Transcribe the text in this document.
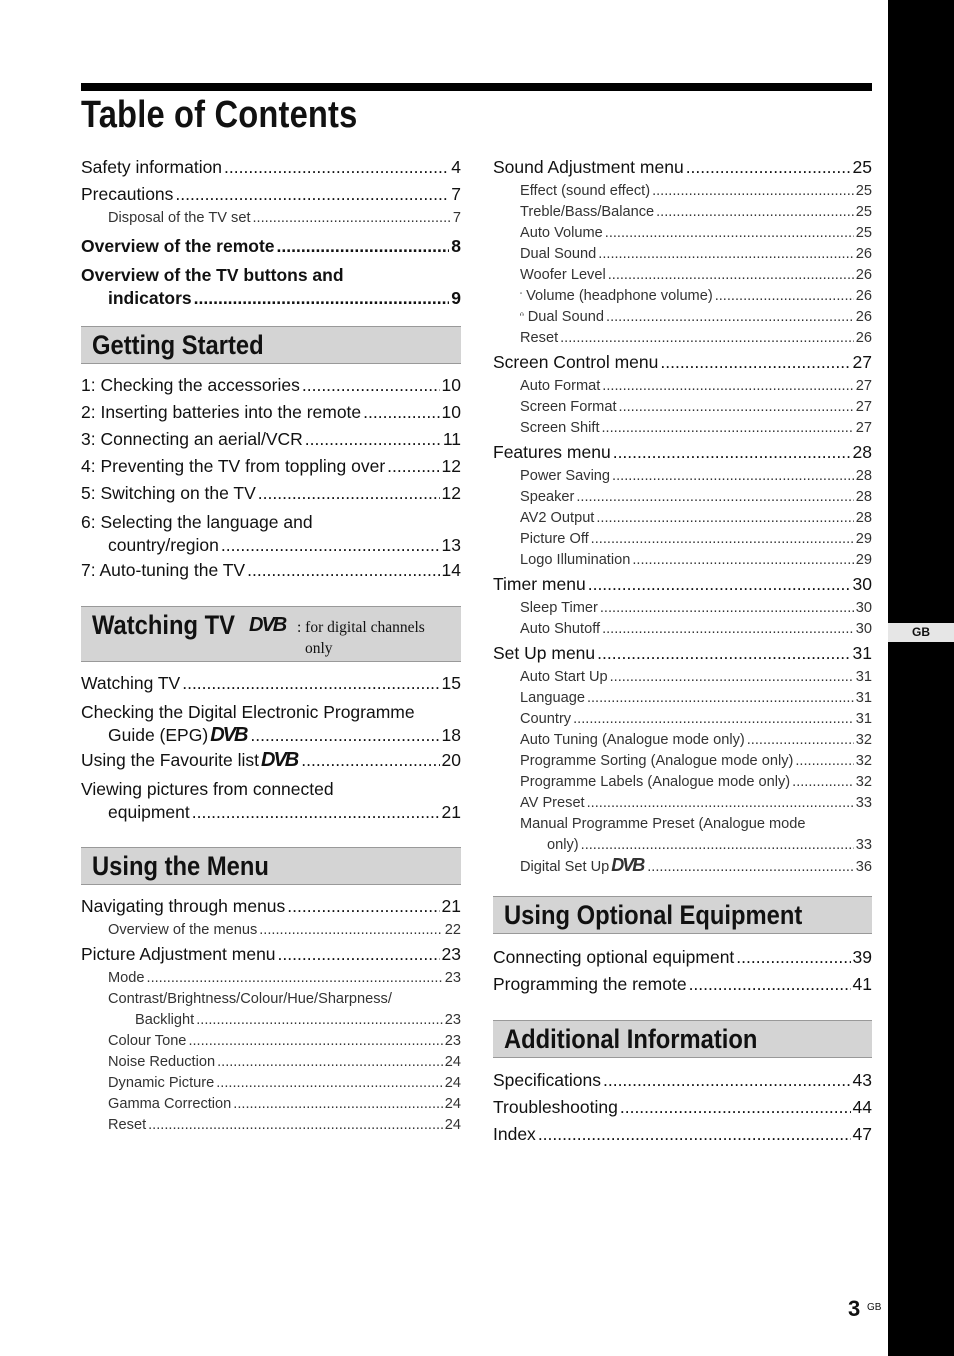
GB
Table of Contents
Safety information .....	4
Precautions .....	7
Disposal of the TV set .....	7
Overview of the remote .....	8
Overview of the TV buttons and
indicators .....	9
Getting Started
1: Checking the accessories .....	10
2: Inserting batteries into the remote .....	10
3: Connecting an aerial/VCR .....	11
4: Preventing the TV from toppling over .....	12
5: Switching on the TV .....	12
6: Selecting the language and
country/region .....	13
7: Auto-tuning the TV .....	14
Watching TV DVB : for digital channels
only
Watching TV .....	15
Checking the Digital Electronic Programme
Guide (EPG) DVB .....	18
Using the Favourite list DVB .....	20
Viewing pictures from connected
equipment .....	21
Using the Menu
Navigating through menus .....	21
Overview of the menus .....	22
Picture Adjustment menu .....	23
Mode .....	23
Contrast/Brightness/Colour/Hue/Sharpness/
Backlight .....	23
Colour Tone .....	23
Noise Reduction .....	24
Dynamic Picture .....	24
Gamma Correction .....	24
Reset .....	24
Sound Adjustment menu .....	25
Effect (sound effect) .....	25
Treble/Bass/Balance .....	25
Auto Volume .....	25
Dual Sound .....	26
Woofer Level .....	26
Volume (headphone volume) .....	26
Dual Sound .....	26
Reset .....	26
Screen Control menu .....	27
Auto Format .....	27
Screen Format .....	27
Screen Shift .....	27
Features menu .....	28
Power Saving .....	28
Speaker .....	28
AV2 Output .....	28
Picture Off .....	29
Logo Illumination .....	29
Timer menu .....	30
Sleep Timer .....	30
Auto Shutoff .....	30
Set Up menu .....	31
Auto Start Up .....	31
Language .....	31
Country .....	31
Auto Tuning (Analogue mode only) .....	32
Programme Sorting (Analogue mode only) .....	32
Programme Labels (Analogue mode only) .....	32
AV Preset .....	33
Manual Programme Preset (Analogue mode
only) .....	33
Digital Set Up DVB .....	36
Using Optional Equipment
Connecting optional equipment .....	39
Programming the remote .....	41
Additional Information
Specifications .....	43
Troubleshooting .....	44
Index .....	47
3 GB
